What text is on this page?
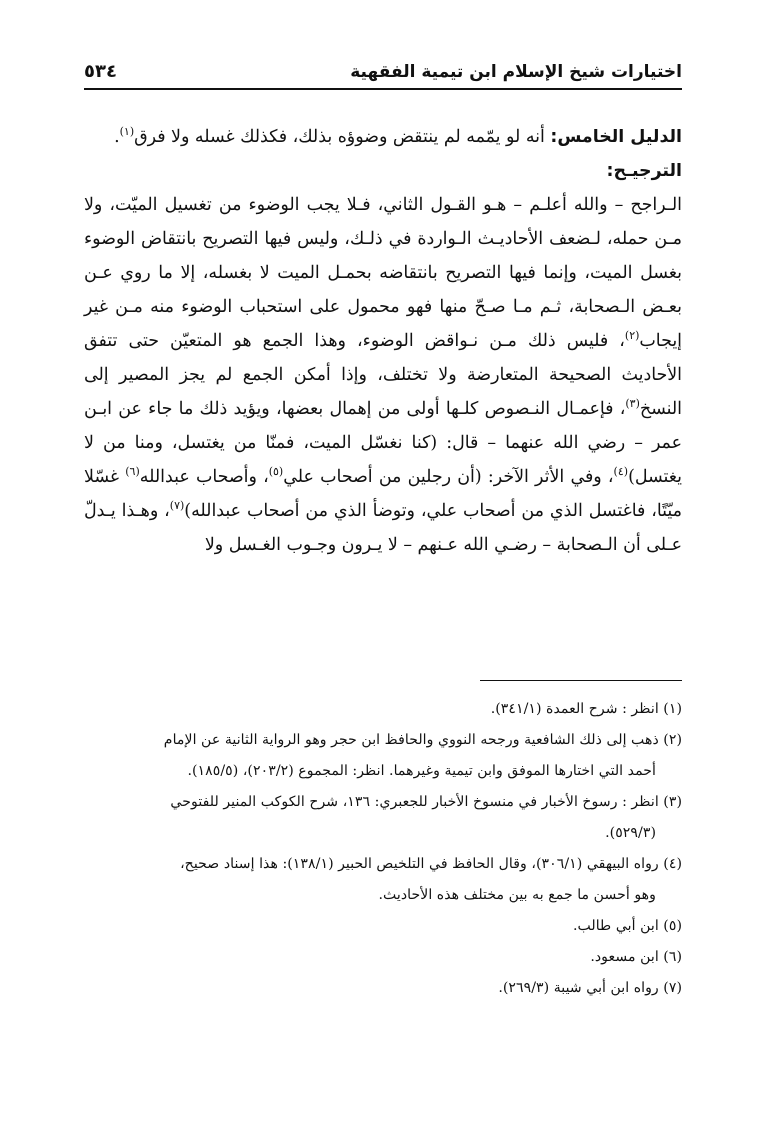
اختيارات شيخ الإسلام ابن تيمية الفقهية
٥٣٤

الدليل الخامس: أنه لو يمّمه لم ينتقض وضوؤه بذلك، فكذلك غسله ولا فرق$^{(١)}$.

الترجيـح:

الـراجح – والله أعلـم – هـو القـول الثاني، فـلا يجب الوضوء من تغسيل الميّت، ولا مـن حمله، لـضعف الأحاديـث الـواردة في ذلـك، وليس فيها التصريح بانتقاض الوضوء بغسل الميت، وإنما فيها التصريح بانتقاضه بحمـل الميت لا بغسله، إلا ما روي عـن بعـض الـصحابة، ثـم مـا صـحّ منها فهو محمول على استحباب الوضوء منه مـن غير إيجاب$^{(٢)}$، فليس ذلك مـن نـواقض الوضوء، وهذا الجمع هو المتعيّن حتى تتفق الأحاديث الصحيحة المتعارضة ولا تختلف، وإذا أمكن الجمع لم يجز المصير إلى النسخ$^{(٣)}$، فإعمـال النـصوص كلـها أولى من إهمال بعضها، ويؤيد ذلك ما جاء عن ابـن عمر – رضي الله عنهما – قال: (كنا نغسّل الميت، فمنّا من يغتسل، ومنا من لا يغتسل)$^{(٤)}$، وفي الأثر الآخر: (أن رجلين من أصحاب علي$^{(٥)}$، وأصحاب عبدالله$^{(٦)}$ غسّلا ميّتًا، فاغتسل الذي من أصحاب علي، وتوضأ الذي من أصحاب عبدالله)$^{(٧)}$، وهـذا يـدلّ عـلى أن الـصحابة – رضـي الله عـنهم – لا يـرون وجـوب الغـسل ولا

(١) انظر : شرح العمدة (٣٤١/١).

(٢) ذهب إلى ذلك الشافعية ورجحه النووي والحافظ ابن حجر وهو الرواية الثانية عن الإمام

أحمد التي اختارها الموفق وابن تيمية وغيرهما. انظر: المجموع (٢٠٣/٢)، (١٨٥/٥).

(٣) انظر : رسوخ الأخبار في منسوخ الأخبار للجعبري: ١٣٦، شرح الكوكب المنير للفتوحي

(٥٢٩/٣).

(٤) رواه البيهقي (٣٠٦/١)، وقال الحافظ في التلخيص الحبير (١٣٨/١): هذا إسناد صحيح،

وهو أحسن ما جمع به بين مختلف هذه الأحاديث.

(٥) ابن أبي طالب.

(٦) ابن مسعود.

(٧) رواه ابن أبي شيبة (٢٦٩/٣).
